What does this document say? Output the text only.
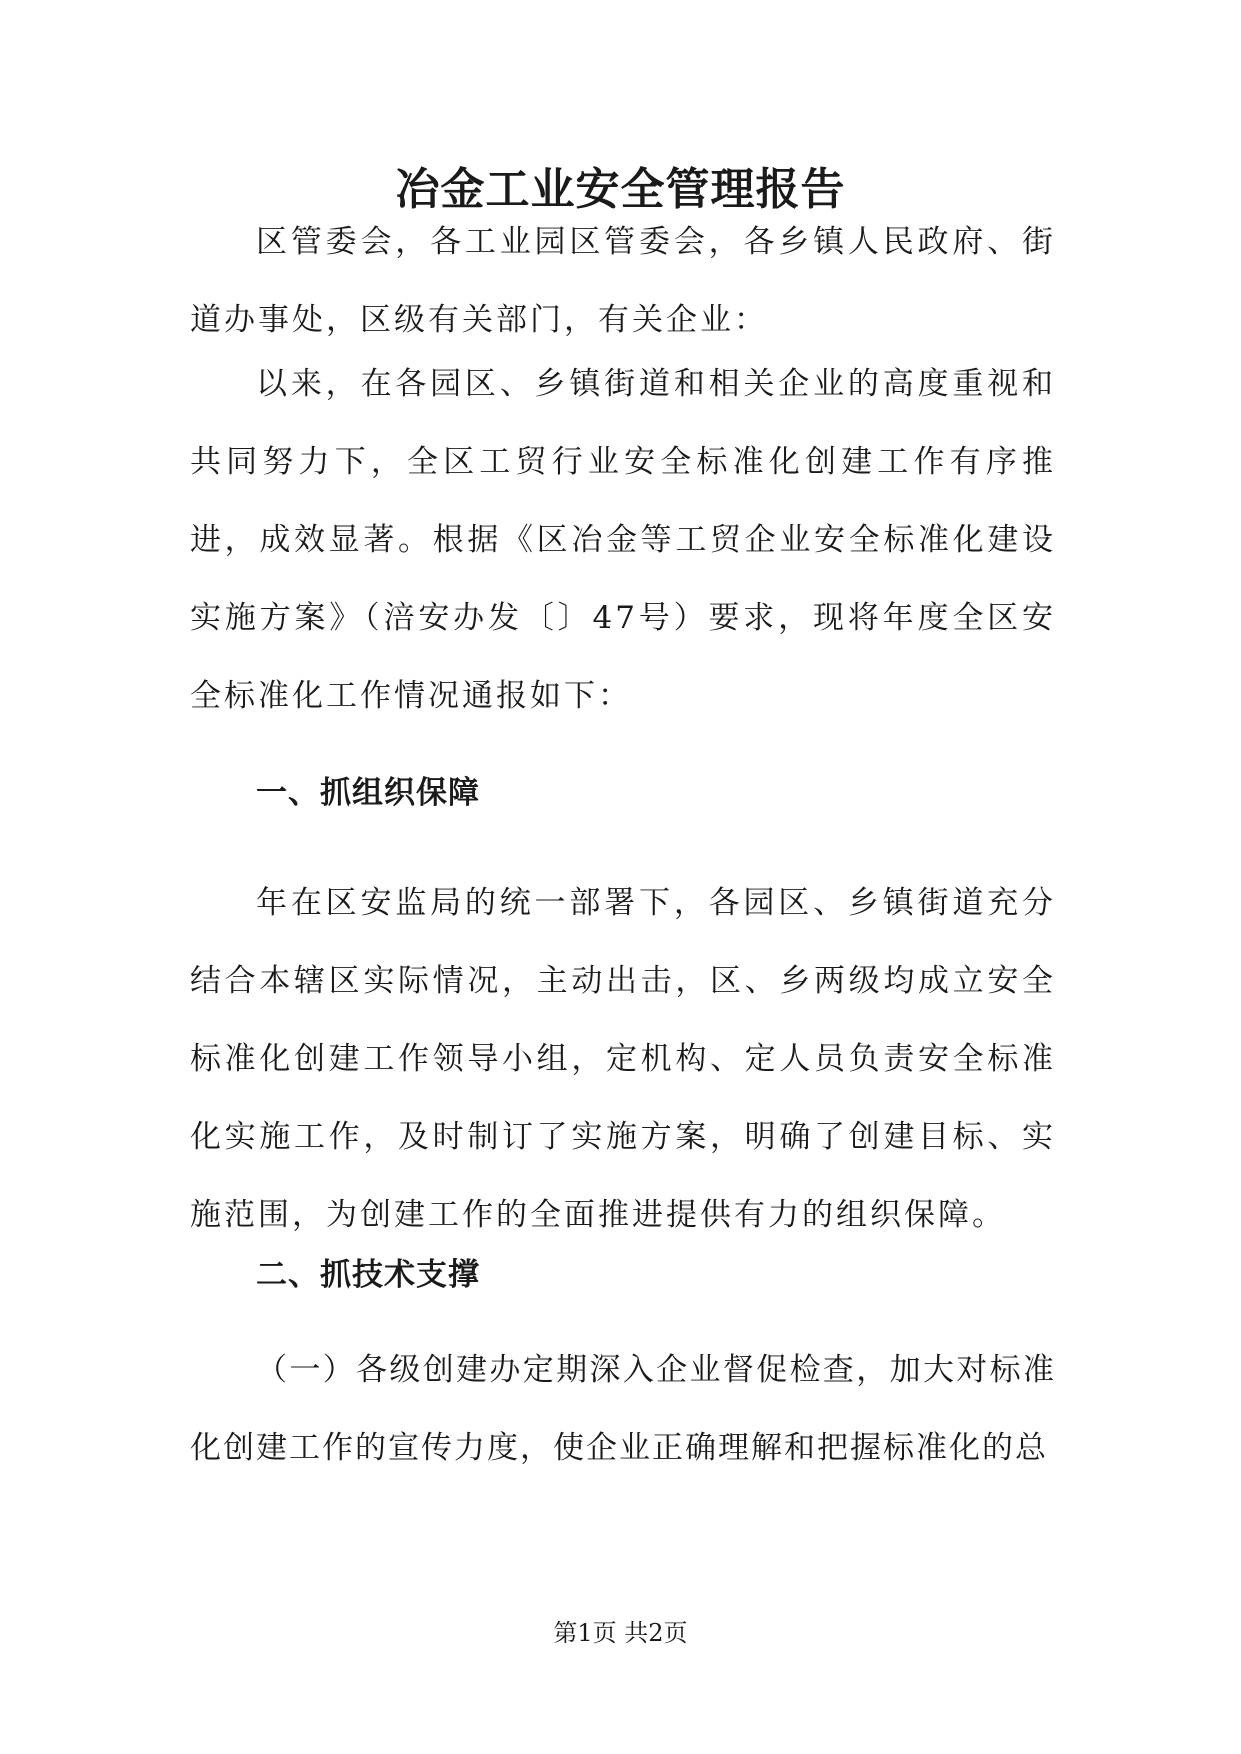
冶金工业安全管理报告

区管委会，各工业园区管委会，各乡镇人民政府、街道办事处，区级有关部门，有关企业：

以来，在各园区、乡镇街道和相关企业的高度重视和共同努力下，全区工贸行业安全标准化创建工作有序推进，成效显著。根据《区冶金等工贸企业安全标准化建设实施方案》（涪安办发〔〕47号）要求，现将年度全区安全标准化工作情况通报如下：

一、抓组织保障

年在区安监局的统一部署下，各园区、乡镇街道充分结合本辖区实际情况，主动出击，区、乡两级均成立安全标准化创建工作领导小组，定机构、定人员负责安全标准化实施工作，及时制订了实施方案，明确了创建目标、实施范围，为创建工作的全面推进提供有力的组织保障。

二、抓技术支撑

（一）各级创建办定期深入企业督促检查，加大对标准化创建工作的宣传力度，使企业正确理解和把握标准化的总

第1页 共2页
